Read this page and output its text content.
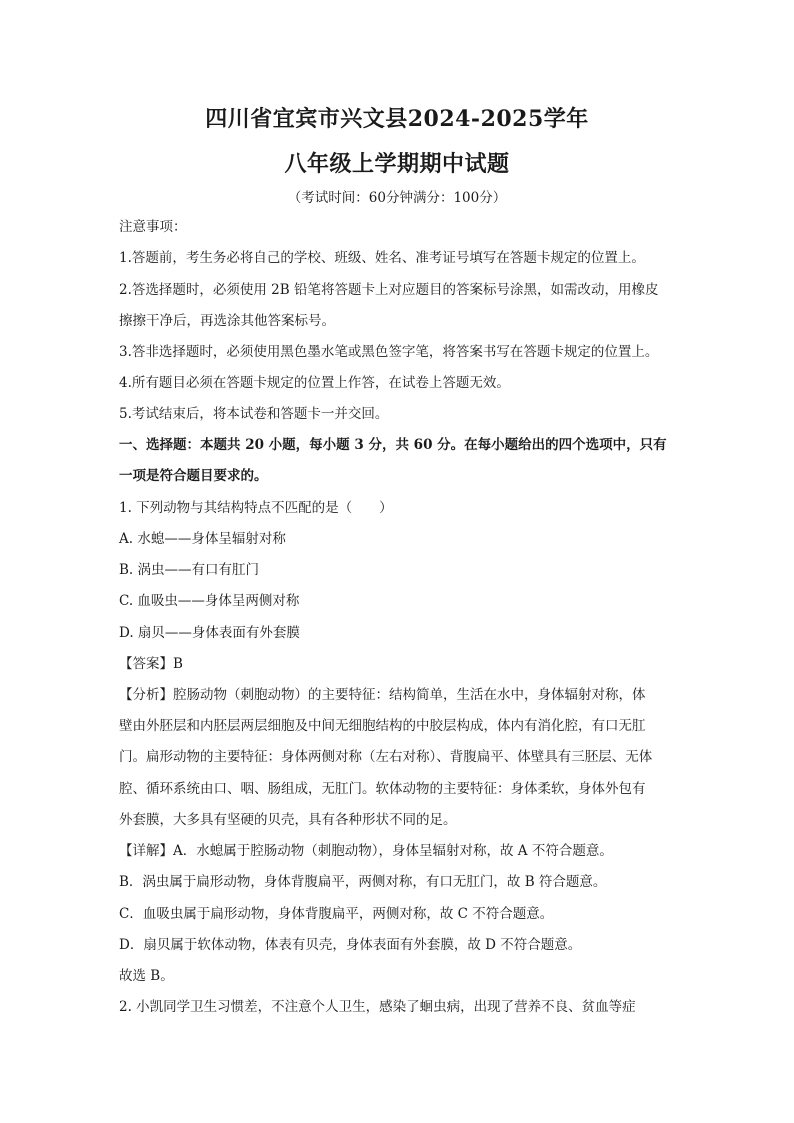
四川省宜宾市兴文县2024-2025学年
八年级上学期期中试题
（考试时间：60分钟满分：100分）
注意事项：
1.答题前，考生务必将自己的学校、班级、姓名、准考证号填写在答题卡规定的位置上。
2.答选择题时，必须使用 2B 铅笔将答题卡上对应题目的答案标号涂黑，如需改动，用橡皮
擦擦干净后，再选涂其他答案标号。
3.答非选择题时，必须使用黑色墨水笔或黑色签字笔，将答案书写在答题卡规定的位置上。
4.所有题目必须在答题卡规定的位置上作答，在试卷上答题无效。
5.考试结束后，将本试卷和答题卡一并交回。
一、选择题：本题共 20 小题，每小题 3 分，共 60 分。在每小题给出的四个选项中，只有
一项是符合题目要求的。
1. 下列动物与其结构特点不匹配的是（　　）
A. 水螅——身体呈辐射对称
B. 涡虫——有口有肛门
C. 血吸虫——身体呈两侧对称
D. 扇贝——身体表面有外套膜
【答案】B
【分析】腔肠动物（刺胞动物）的主要特征：结构简单，生活在水中，身体辐射对称，体
壁由外胚层和内胚层两层细胞及中间无细胞结构的中胶层构成，体内有消化腔，有口无肛
门。扁形动物的主要特征：身体两侧对称（左右对称）、背腹扁平、体壁具有三胚层、无体
腔、循环系统由口、咽、肠组成，无肛门。软体动物的主要特征：身体柔软，身体外包有
外套膜，大多具有坚硬的贝壳，具有各种形状不同的足。
【详解】A．水螅属于腔肠动物（刺胞动物），身体呈辐射对称，故 A 不符合题意。
B．涡虫属于扁形动物，身体背腹扁平，两侧对称，有口无肛门，故 B 符合题意。
C．血吸虫属于扁形动物，身体背腹扁平，两侧对称，故 C 不符合题意。
D．扇贝属于软体动物，体表有贝壳，身体表面有外套膜，故 D 不符合题意。
故选 B。
2. 小凯同学卫生习惯差，不注意个人卫生，感染了蛔虫病，出现了营养不良、贫血等症
